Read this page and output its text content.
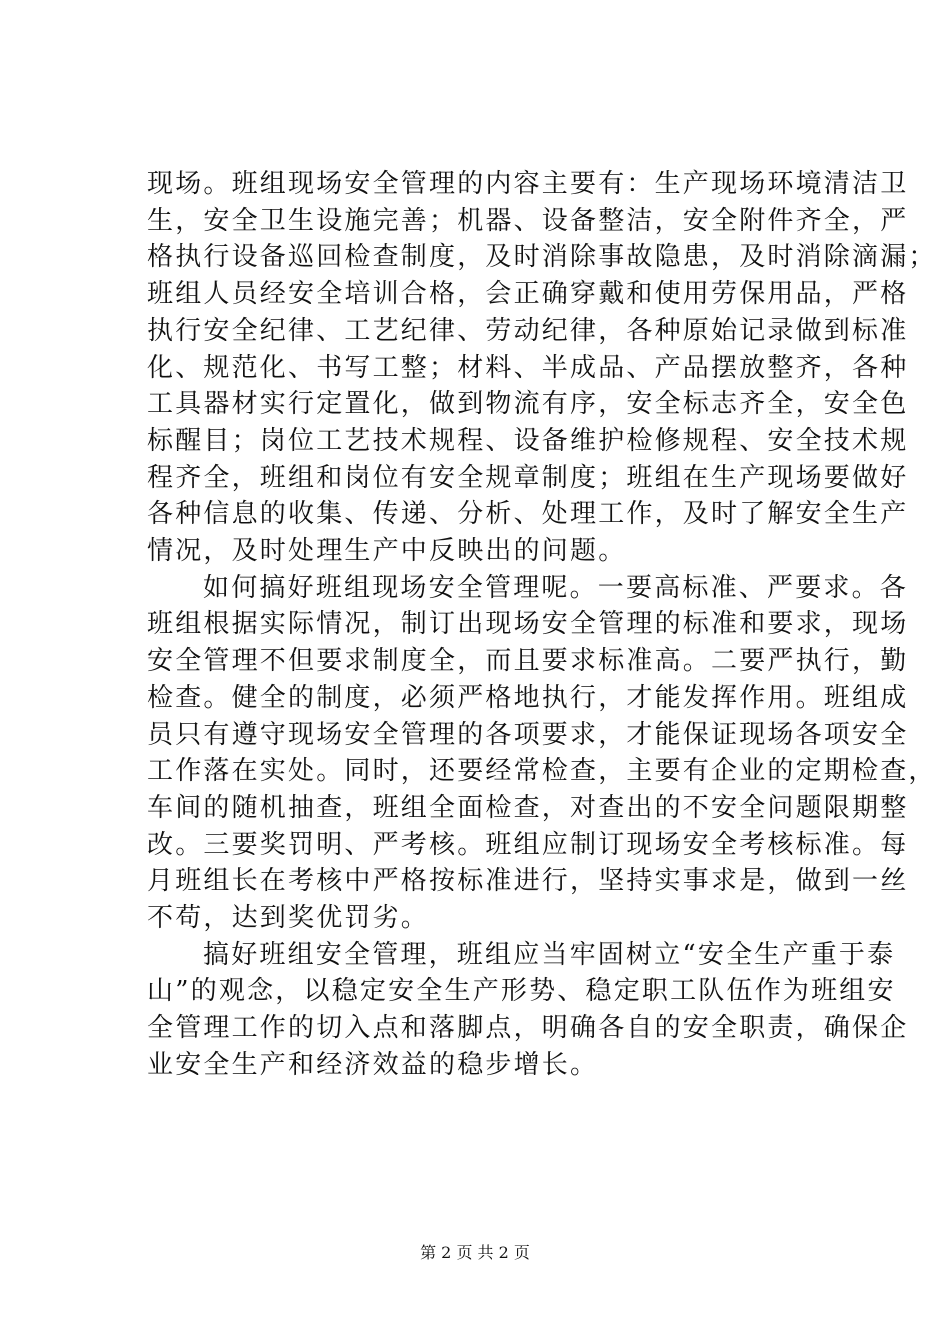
现场。班组现场安全管理的内容主要有：生产现场环境清洁卫
生，安全卫生设施完善；机器、设备整洁，安全附件齐全，严
格执行设备巡回检查制度，及时消除事故隐患，及时消除滴漏；
班组人员经安全培训合格，会正确穿戴和使用劳保用品，严格
执行安全纪律、工艺纪律、劳动纪律，各种原始记录做到标准
化、规范化、书写工整；材料、半成品、产品摆放整齐，各种
工具器材实行定置化，做到物流有序，安全标志齐全，安全色
标醒目；岗位工艺技术规程、设备维护检修规程、安全技术规
程齐全，班组和岗位有安全规章制度；班组在生产现场要做好
各种信息的收集、传递、分析、处理工作，及时了解安全生产
情况，及时处理生产中反映出的问题。

如何搞好班组现场安全管理呢。一要高标准、严要求。各
班组根据实际情况，制订出现场安全管理的标准和要求，现场
安全管理不但要求制度全，而且要求标准高。二要严执行，勤
检查。健全的制度，必须严格地执行，才能发挥作用。班组成
员只有遵守现场安全管理的各项要求，才能保证现场各项安全
工作落在实处。同时，还要经常检查，主要有企业的定期检查，
车间的随机抽查，班组全面检查，对查出的不安全问题限期整
改。三要奖罚明、严考核。班组应制订现场安全考核标准。每
月班组长在考核中严格按标准进行，坚持实事求是，做到一丝
不苟，达到奖优罚劣。

搞好班组安全管理，班组应当牢固树立“安全生产重于泰
山”的观念，以稳定安全生产形势、稳定职工队伍作为班组安
全管理工作的切入点和落脚点，明确各自的安全职责，确保企
业安全生产和经济效益的稳步增长。

第 2 页 共 2 页
